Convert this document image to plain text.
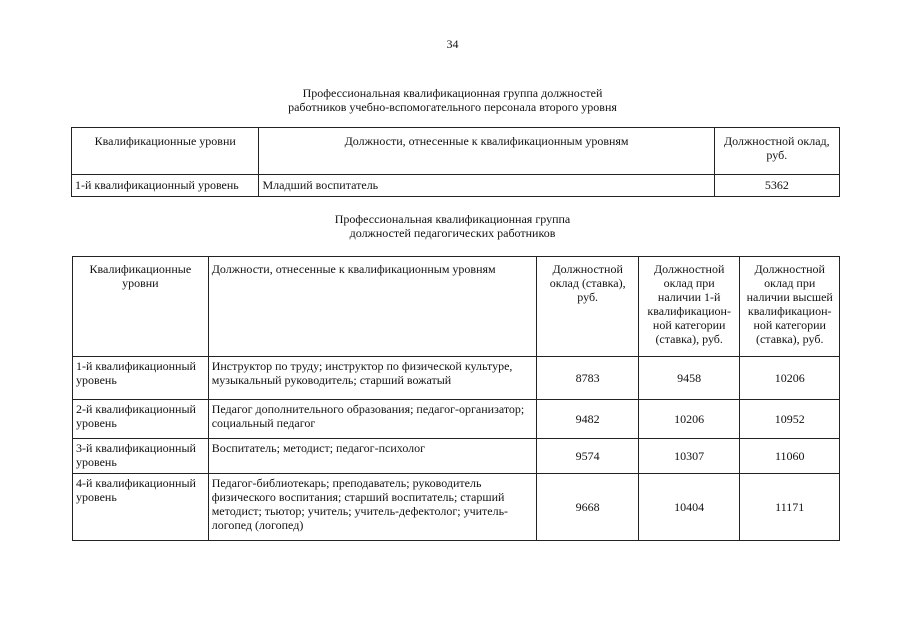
34
Профессиональная квалификационная группа должностей
работников учебно-вспомогательного персонала второго уровня
Квалификационные уровни	Должности, отнесенные к квалификационным уровням	Должностной оклад, руб.
1-й квалификационный уровень	Младший воспитатель	5362
Профессиональная квалификационная группа
должностей педагогических работников
Квалификационные уровни	Должности, отнесенные к квалификационным уровням	Должностной оклад (ставка), руб.	Должностной оклад при наличии 1-й квалификацион-ной категории (ставка), руб.	Должностной оклад при наличии высшей квалификацион-ной категории (ставка), руб.
1-й квалификационный уровень	Инструктор по труду; инструктор по физической культуре, музыкальный руководитель; старший вожатый	8783	9458	10206
2-й квалификационный уровень	Педагог дополнительного образования; педагог-организатор; социальный педагог	9482	10206	10952
3-й квалификационный уровень	Воспитатель; методист; педагог-психолог	9574	10307	11060
4-й квалификационный уровень	Педагог-библиотекарь; преподаватель; руководитель физического воспитания; старший воспитатель; старший методист; тьютор; учитель; учитель-дефектолог; учитель-логопед (логопед)	9668	10404	11171
